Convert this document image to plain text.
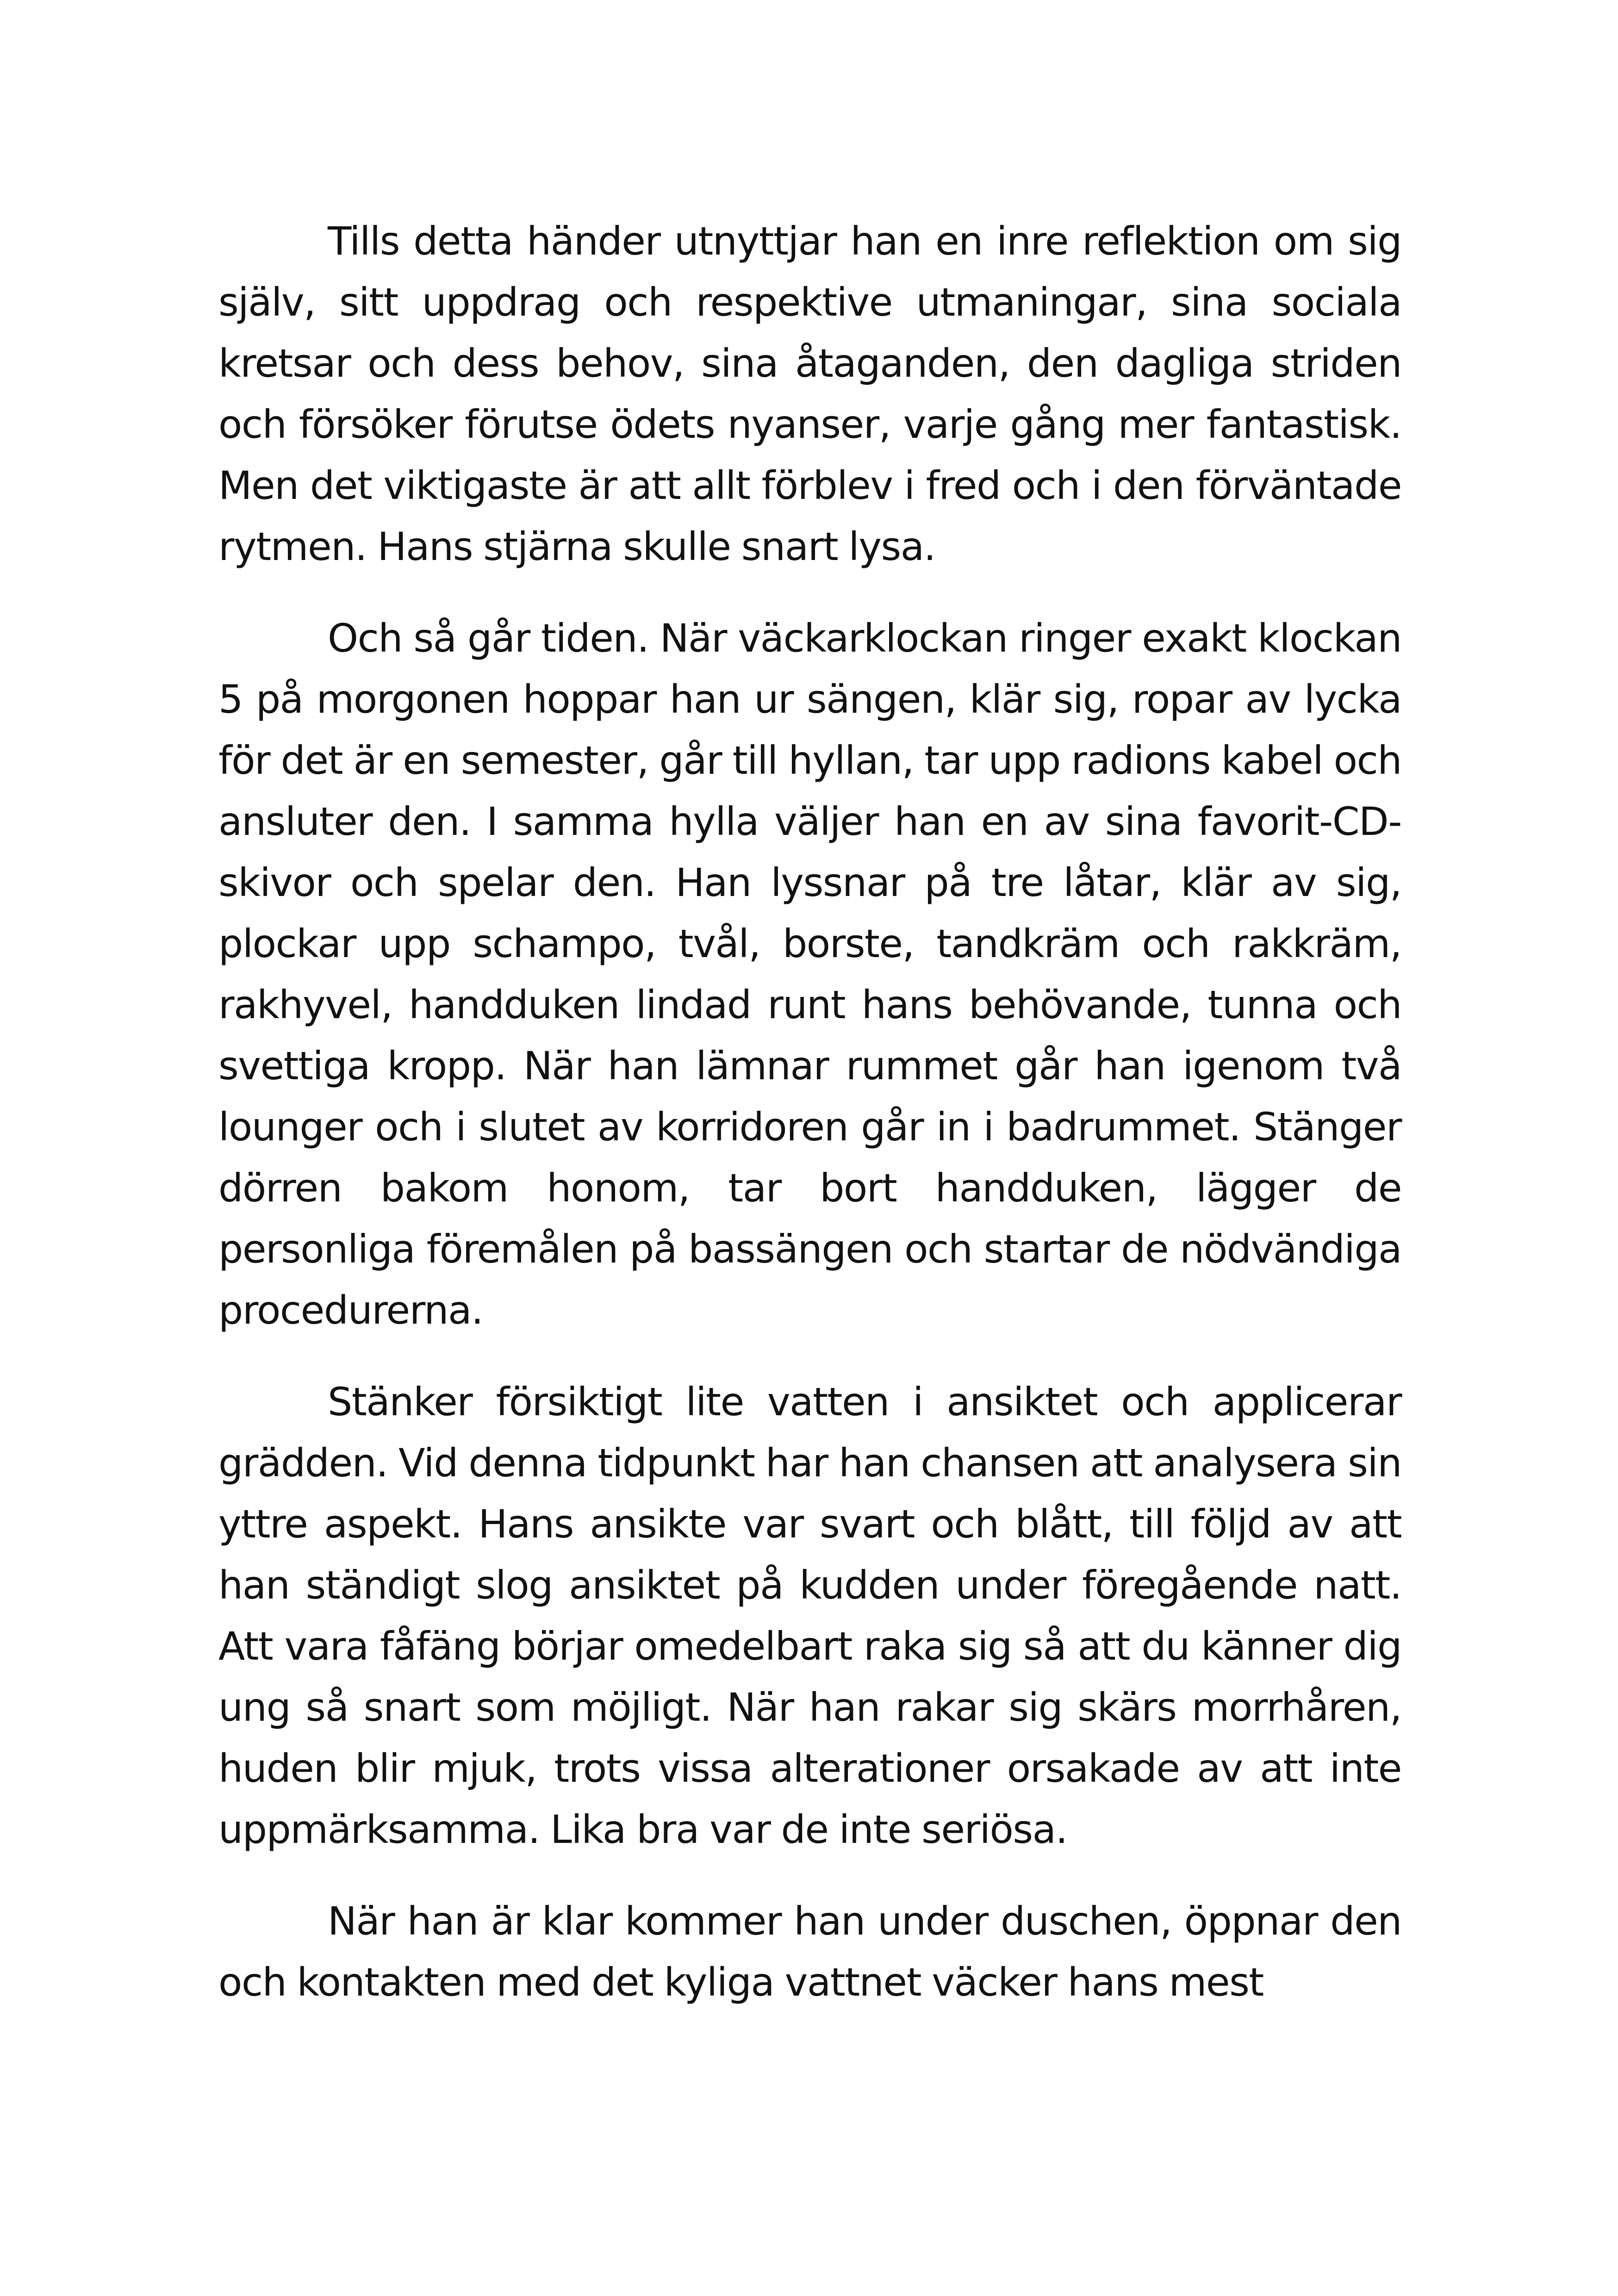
Tills detta händer utnyttjar han en inre reflektion om sig själv, sitt uppdrag och respektive utmaningar, sina sociala kretsar och dess behov, sina åtaganden, den dagliga striden och försöker förutse ödets nyanser, varje gång mer fantastisk. Men det viktigaste är att allt förblev i fred och i den förväntade rytmen. Hans stjärna skulle snart lysa.

Och så går tiden. När väckarklockan ringer exakt klockan 5 på morgonen hoppar han ur sängen, klär sig, ropar av lycka för det är en semester, går till hyllan, tar upp radions kabel och ansluter den. I samma hylla väljer han en av sina favorit-CD-skivor och spelar den. Han lyssnar på tre låtar, klär av sig, plockar upp schampo, tvål, borste, tandkräm och rakkräm, rakhyvel, handduken lindad runt hans behövande, tunna och svettiga kropp. När han lämnar rummet går han igenom två lounger och i slutet av korridoren går in i badrummet. Stänger dörren bakom honom, tar bort handduken, lägger de personliga föremålen på bassängen och startar de nödvändiga procedurerna.

Stänker försiktigt lite vatten i ansiktet och applicerar grädden. Vid denna tidpunkt har han chansen att analysera sin yttre aspekt. Hans ansikte var svart och blått, till följd av att han ständigt slog ansiktet på kudden under föregående natt. Att vara fåfäng börjar omedelbart raka sig så att du känner dig ung så snart som möjligt. När han rakar sig skärs morrhåren, huden blir mjuk, trots vissa alterationer orsakade av att inte uppmärksamma. Lika bra var de inte seriösa.

När han är klar kommer han under duschen, öppnar den och kontakten med det kyliga vattnet väcker hans mest
